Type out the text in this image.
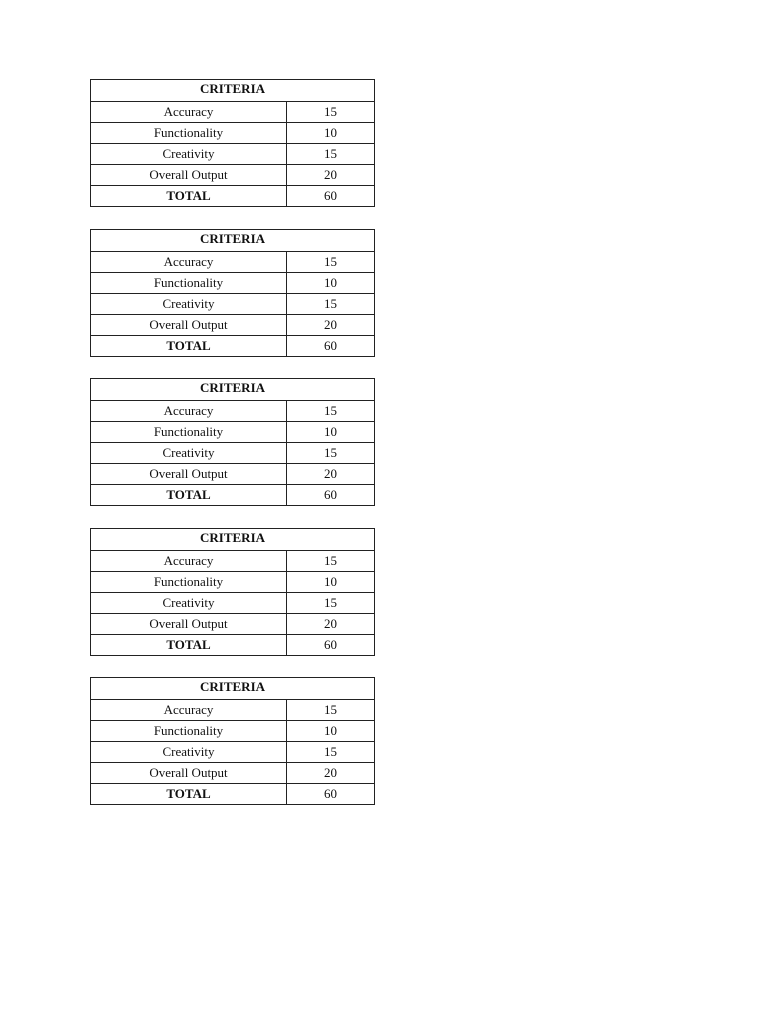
CRITERIA	
Accuracy	15
Functionality	10
Creativity	15
Overall Output	20
TOTAL	60
CRITERIA	
Accuracy	15
Functionality	10
Creativity	15
Overall Output	20
TOTAL	60
CRITERIA	
Accuracy	15
Functionality	10
Creativity	15
Overall Output	20
TOTAL	60
CRITERIA	
Accuracy	15
Functionality	10
Creativity	15
Overall Output	20
TOTAL	60
CRITERIA	
Accuracy	15
Functionality	10
Creativity	15
Overall Output	20
TOTAL	60
